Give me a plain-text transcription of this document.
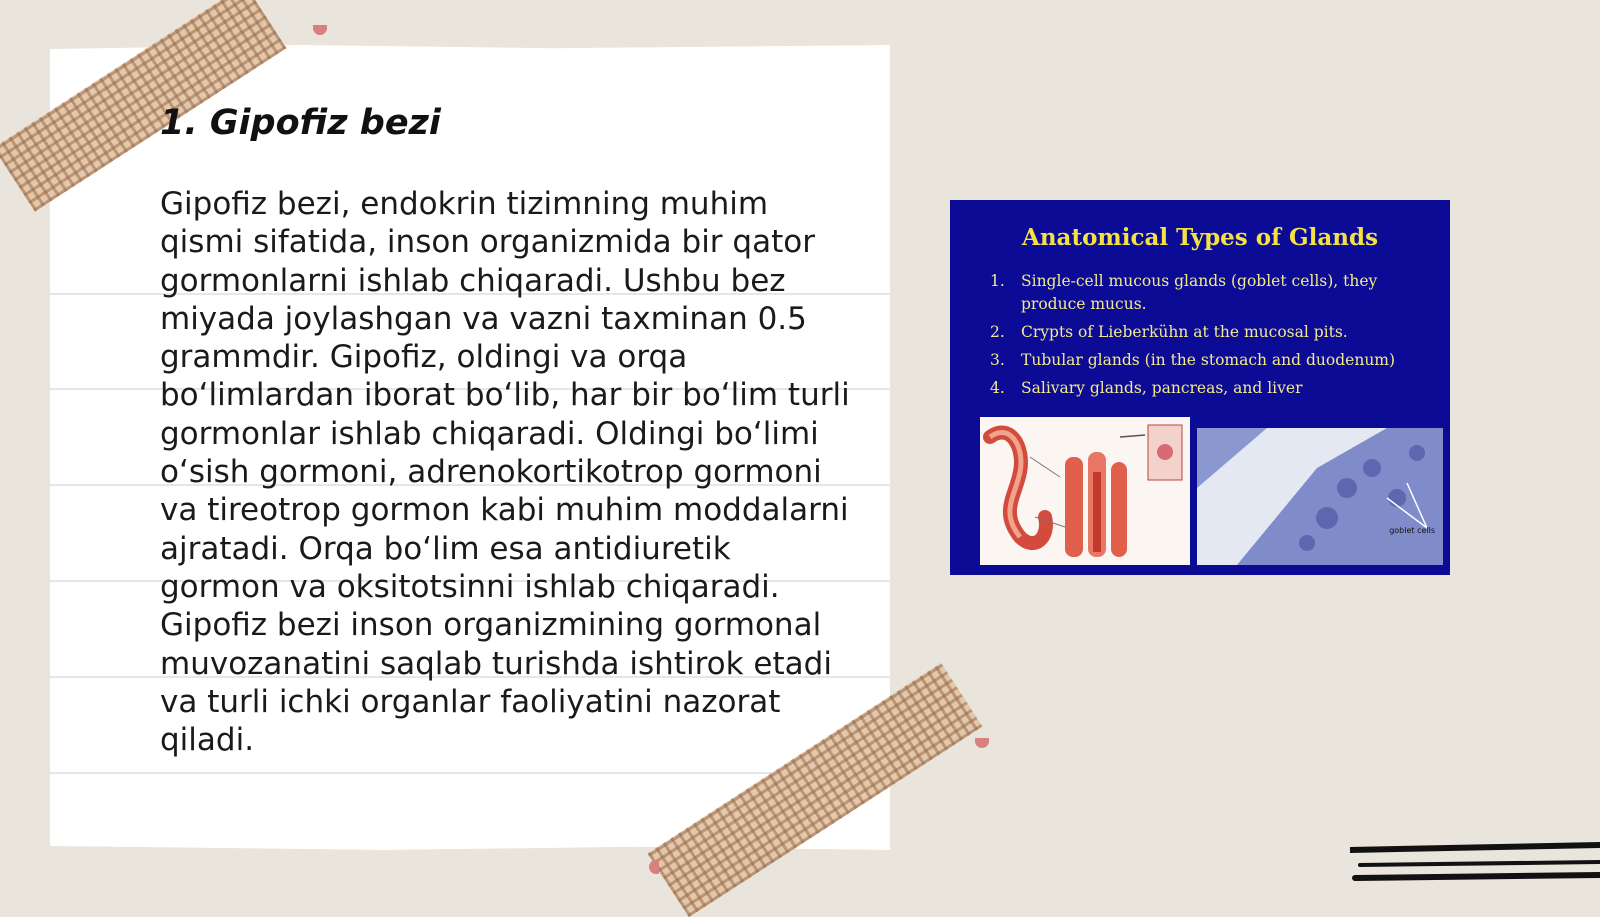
1. Gipofiz bezi

Gipofiz bezi, endokrin tizimning muhim qismi sifatida, inson organizmida bir qator gormonlarni ishlab chiqaradi. Ushbu bez miyada joylashgan va vazni taxminan 0.5 grammdir. Gipofiz, oldingi va orqa bo‘limlardan iborat bo‘lib, har bir bo‘lim turli gormonlar ishlab chiqaradi. Oldingi bo‘limi o‘sish gormoni, adrenokortikotrop gormoni va tireotrop gormon kabi muhim moddalarni ajratadi. Orqa bo‘lim esa antidiuretik gormon va oksitotsinni ishlab chiqaradi. Gipofiz bezi inson organizmining gormonal muvozanatini saqlab turishda ishtirok etadi va turli ichki organlar faoliyatini nazorat qiladi.

Anatomical Types of Glands
1. Single-cell mucous glands (goblet cells), they produce mucus.
2. Crypts of Lieberkühn at the mucosal pits.
3. Tubular glands (in the stomach and duodenum)
4. Salivary glands, pancreas, and liver
goblet cells
